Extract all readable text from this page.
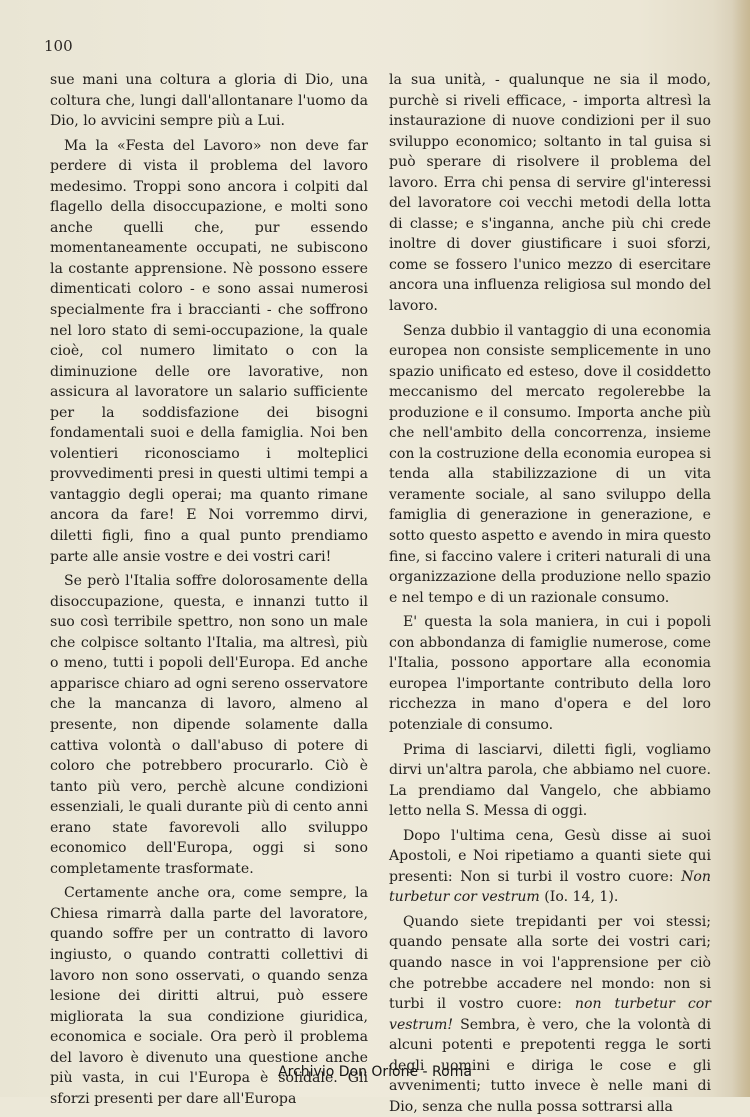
100

sue mani una coltura a gloria di Dio, una coltura che, lungi dall'allontanare l'uomo da Dio, lo avvicini sempre più a Lui.

Ma la «Festa del Lavoro» non deve far perdere di vista il problema del lavoro medesimo. Troppi sono ancora i colpiti dal flagello della disoccupazione, e molti sono anche quelli che, pur essendo momentaneamente occupati, ne subiscono la costante apprensione. Nè possono essere dimenticati coloro - e sono assai numerosi specialmente fra i braccianti - che soffrono nel loro stato di semi-occupazione, la quale cioè, col numero limitato o con la diminuzione delle ore lavorative, non assicura al lavoratore un salario sufficiente per la soddisfazione dei bisogni fondamentali suoi e della famiglia. Noi ben volentieri riconosciamo i molteplici provvedimenti presi in questi ultimi tempi a vantaggio degli operai; ma quanto rimane ancora da fare! E Noi vorremmo dirvi, diletti figli, fino a qual punto prendiamo parte alle ansie vostre e dei vostri cari!

Se però l'Italia soffre dolorosamente della disoccupazione, questa, e innanzi tutto il suo così terribile spettro, non sono un male che colpisce soltanto l'Italia, ma altresì, più o meno, tutti i popoli dell'Europa. Ed anche apparisce chiaro ad ogni sereno osservatore che la mancanza di lavoro, almeno al presente, non dipende solamente dalla cattiva volontà o dall'abuso di potere di coloro che potrebbero procurarlo. Ciò è tanto più vero, perchè alcune condizioni essenziali, le quali durante più di cento anni erano state favorevoli allo sviluppo economico dell'Europa, oggi si sono completamente trasformate.

Certamente anche ora, come sempre, la Chiesa rimarrà dalla parte del lavoratore, quando soffre per un contratto di lavoro ingiusto, o quando contratti collettivi di lavoro non sono osservati, o quando senza lesione dei diritti altrui, può essere migliorata la sua condizione giuridica, economica e sociale. Ora però il problema del lavoro è divenuto una questione anche più vasta, in cui l'Europa è solidale. Gli sforzi presenti per dare all'Europa

la sua unità, - qualunque ne sia il modo, purchè si riveli efficace, - importa altresì la instaurazione di nuove condizioni per il suo sviluppo economico; soltanto in tal guisa si può sperare di risolvere il problema del lavoro. Erra chi pensa di servire gl'interessi del lavoratore coi vecchi metodi della lotta di classe; e s'inganna, anche più chi crede inoltre di dover giustificare i suoi sforzi, come se fossero l'unico mezzo di esercitare ancora una influenza religiosa sul mondo del lavoro.

Senza dubbio il vantaggio di una economia europea non consiste semplicemente in uno spazio unificato ed esteso, dove il cosiddetto meccanismo del mercato regolerebbe la produzione e il consumo. Importa anche più che nell'ambito della concorrenza, insieme con la costruzione della economia europea si tenda alla stabilizzazione di un vita veramente sociale, al sano sviluppo della famiglia di generazione in generazione, e sotto questo aspetto e avendo in mira questo fine, si faccino valere i criteri naturali di una organizzazione della produzione nello spazio e nel tempo e di un razionale consumo.

E' questa la sola maniera, in cui i popoli con abbondanza di famiglie numerose, come l'Italia, possono apportare alla economia europea l'importante contributo della loro ricchezza in mano d'opera e del loro potenziale di consumo.

Prima di lasciarvi, diletti figli, vogliamo dirvi un'altra parola, che abbiamo nel cuore. La prendiamo dal Vangelo, che abbiamo letto nella S. Messa di oggi.

Dopo l'ultima cena, Gesù disse ai suoi Apostoli, e Noi ripetiamo a quanti siete qui presenti: Non si turbi il vostro cuore: Non turbetur cor vestrum (Io. 14, 1).

Quando siete trepidanti per voi stessi; quando pensate alla sorte dei vostri cari; quando nasce in voi l'apprensione per ciò che potrebbe accadere nel mondo: non si turbi il vostro cuore: non turbetur cor vestrum! Sembra, è vero, che la volontà di alcuni potenti e prepotenti regga le sorti degli uomini e diriga le cose e gli avvenimenti; tutto invece è nelle mani di Dio, senza che nulla possa sottrarsi alla

Archivio Don Orione - Roma
